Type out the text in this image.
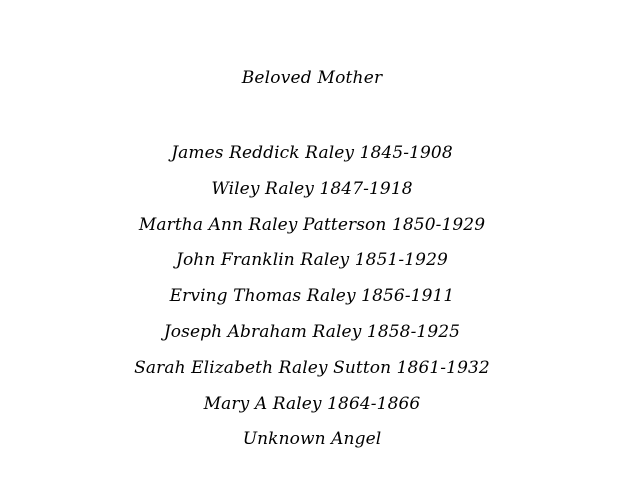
Beloved Mother
James Reddick Raley 1845-1908
Wiley Raley 1847-1918
Martha Ann Raley Patterson 1850-1929
John Franklin Raley 1851-1929
Erving Thomas Raley 1856-1911
Joseph Abraham Raley 1858-1925
Sarah Elizabeth Raley Sutton 1861-1932
Mary A Raley 1864-1866
Unknown Angel
